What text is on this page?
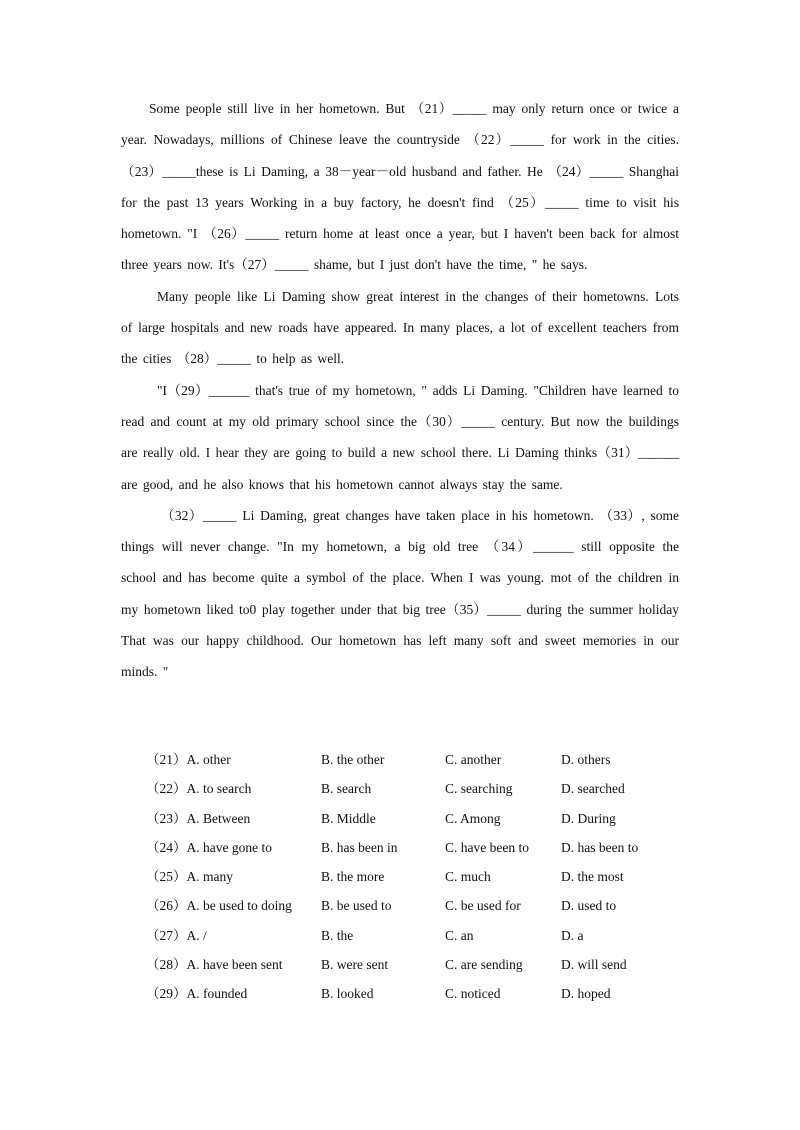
Some people still live in her hometown. But （21）_____ may only return once or twice a year. Nowadays, millions of Chinese leave the countryside （22）_____ for work in the cities. （23）_____these is Li Daming, a 38－year－old husband and father. He （24）_____ Shanghai for the past 13 years Working in a buy factory, he doesn't find （25）_____ time to visit his hometown. "I （26）_____ return home at least once a year, but I haven't been back for almost three years now. It's（27）_____ shame, but I just don't have the time, " he says.

Many people like Li Daming show great interest in the changes of their hometowns. Lots of large hospitals and new roads have appeared. In many places, a lot of excellent teachers from the cities （28）_____ to help as well.

"I（29）______ that's true of my hometown, " adds Li Daming. "Children have learned to read and count at my old primary school since the（30）_____ century. But now the buildings are really old. I hear they are going to build a new school there. Li Daming thinks（31）______ are good, and he also knows that his hometown cannot always stay the same.

（32）_____ Li Daming, great changes have taken place in his hometown. （33）, some things will never change. "In my hometown, a big old tree （34）______ still opposite the school and has become quite a symbol of the place. When I was young. mot of the children in my hometown liked to0 play together under that big tree（35）_____ during the summer holiday That was our happy childhood. Our hometown has left many soft and sweet memories in our minds. "

（21）A. other	B. the other	C. another	D. others
（22）A. to search	B. search	C. searching	D. searched
（23）A. Between	B. Middle	C. Among	D. During
（24）A. have gone to	B. has been in	C. have been to D. has been to
（25）A. many	B. the more	C. much	D. the most
（26）A. be used to doing B. be used to	C. be used for	D. used to
（27）A. /	B. the	C. an	D. a
（28）A. have been sent	B. were sent	C. are sending	D. will send
（29）A. founded	B. looked	C. noticed	D. hoped
